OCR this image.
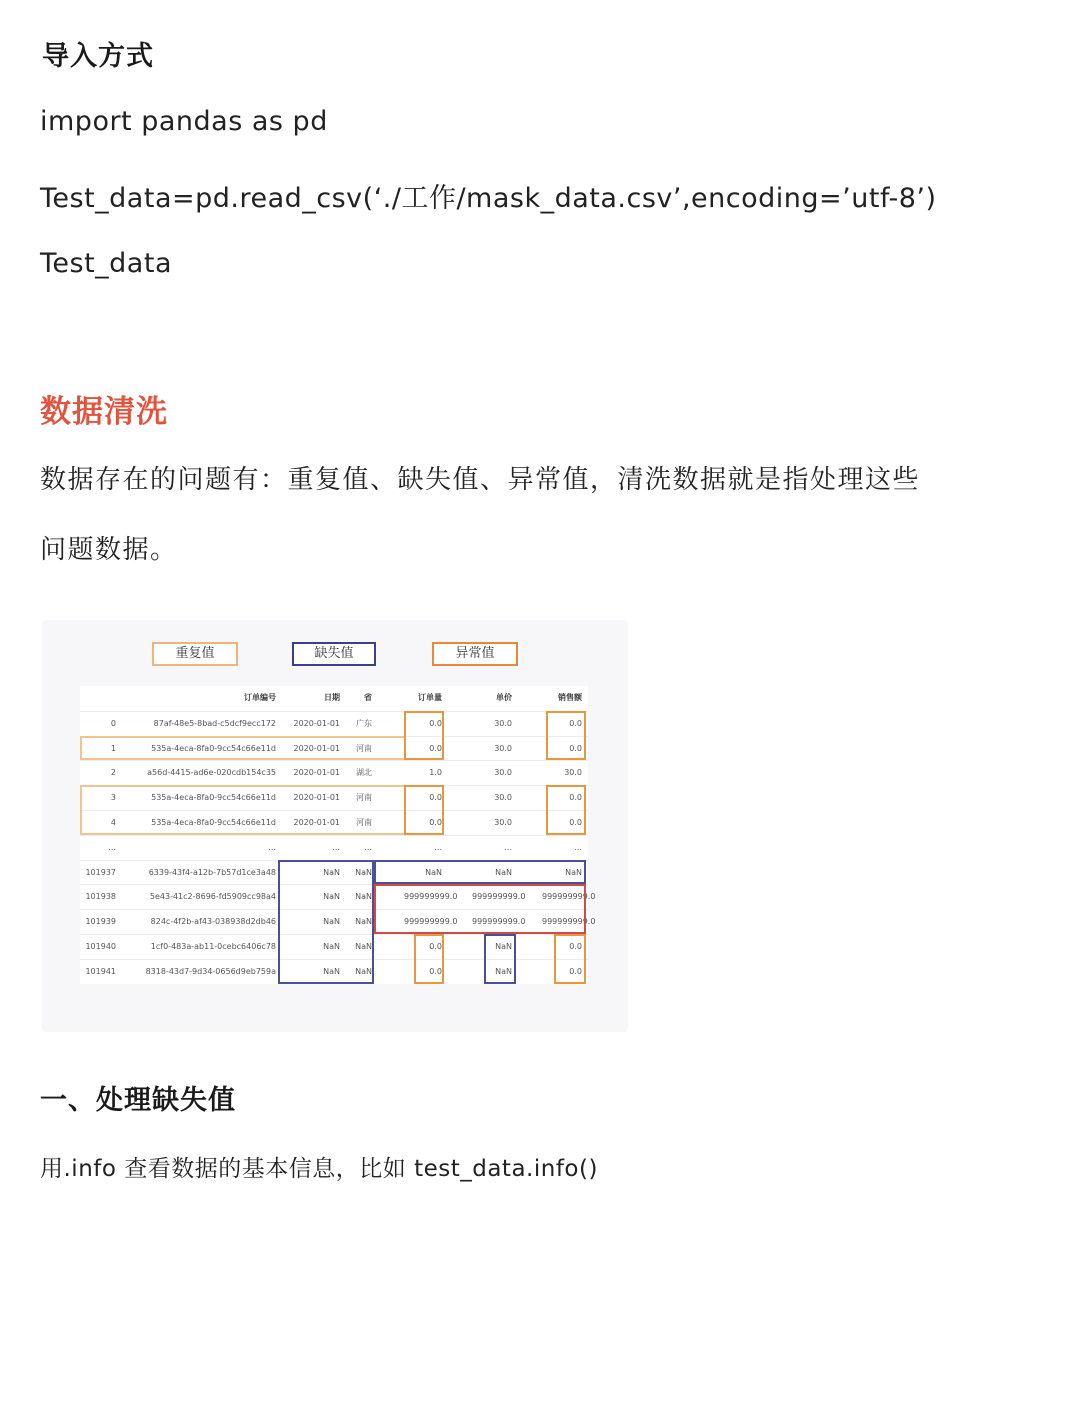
导入方式
import pandas as pd
Test_data=pd.read_csv(‘./工作/mask_data.csv’,encoding=’utf-8’)
Test_data
数据清洗
数据存在的问题有：重复值、缺失值、异常值，清洗数据就是指处理这些
问题数据。
重复值	缺失值	异常值
订单编号	日期	省	订单量	单价	销售额
0	87af-48e5-8bad-c5dcf9ecc172	2020-01-01	广东	0.0	30.0	0.0
1	535a-4eca-8fa0-9cc54c66e11d	2020-01-01	河南	0.0	30.0	0.0
2	a56d-4415-ad6e-020cdb154c35	2020-01-01	湖北	1.0	30.0	30.0
3	535a-4eca-8fa0-9cc54c66e11d	2020-01-01	河南	0.0	30.0	0.0
4	535a-4eca-8fa0-9cc54c66e11d	2020-01-01	河南	0.0	30.0	0.0
...	...	...	...	...	...	...
101937	6339-43f4-a12b-7b57d1ce3a48	NaN	NaN	NaN	NaN	NaN
101938	5e43-41c2-8696-fd5909cc98a4	NaN	NaN	999999999.0 999999999.0 999999999.0
101939	824c-4f2b-af43-038938d2db46	NaN	NaN	999999999.0 999999999.0 999999999.0
101940	1cf0-483a-ab11-0cebc6406c78	NaN	NaN	0.0	NaN	0.0
101941	8318-43d7-9d34-0656d9eb759a	NaN	NaN	0.0	NaN	0.0
一、处理缺失值
用.info 查看数据的基本信息，比如 test_data.info()
